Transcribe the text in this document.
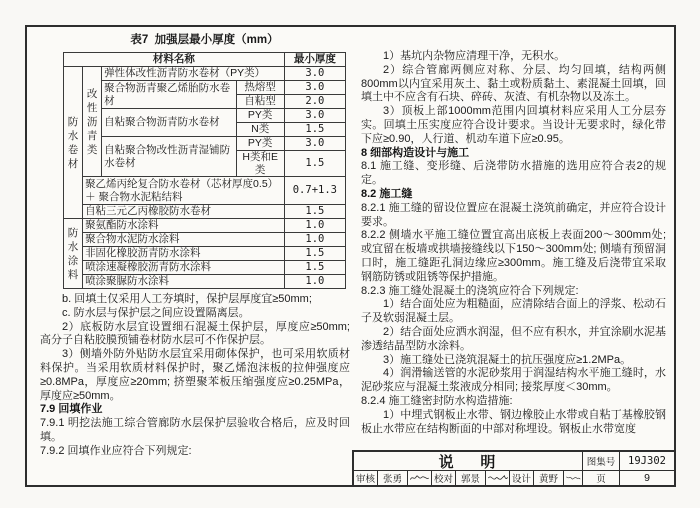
表7  加强层最小厚度（mm）
材料名称				最小厚度
防水卷材	改性沥青类	弹性体改性沥青防水卷材（PY类）		3.0
		聚合物沥青聚乙烯胎防水卷材	热熔型	3.0
			自粘型	2.0
		自粘聚合物沥青防水卷材	PY类	3.0
			N类	1.5
		自粘聚合物改性沥青湿铺防水卷材	PY类	3.0
			H类和E类	1.5
	聚乙烯丙纶复合防水卷材（芯材厚度0.5）＋ 聚合物水泥粘结料			0.7+1.3
	自粘三元乙丙橡胶防水卷材			1.5
防水涂料	聚氨酯防水涂料			1.0
	聚合物水泥防水涂料			1.0
	非固化橡胶沥青防水涂料			1.5
	喷涂速凝橡胶沥青防水涂料			1.5
	喷涂聚脲防水涂料			1.0

b. 回填土仅采用人工夯填时，保护层厚度宜≥50mm;

c. 防水层与保护层之间应设置隔离层。

2）底板防水层宜设置细石混凝土保护层，厚度应≥50mm; 高分子自粘胶膜预铺卷材防水层可不作保护层。

3）侧墙外防外贴防水层宜采用砌体保护，也可采用软质材料保护。当采用软质材料保护时，聚乙烯泡沫板的拉伸强度应≥0.8MPa，厚度应≥20mm; 挤塑聚苯板压缩强度应≥0.25MPa，厚度应≥50mm。

7.9 回填作业

7.9.1 明挖法施工综合管廊防水层保护层验收合格后，应及时回填。

7.9.2 回填作业应符合下列规定:

1）基坑内杂物应清理干净，无积水。

2）综合管廊两侧应对称、分层、均匀回填，结构两侧800mm以内宜采用灰土、黏土或粉质黏土、素混凝土回填，回填土中不应含有石块、碎砖、灰渣、有机杂物以及冻土。

3）顶板上部1000mm范围内回填材料应采用人工分层夯实。回填土压实度应符合设计要求。当设计无要求时，绿化带下应≥0.90，人行道、机动车道下应≥0.95。

8 细部构造设计与施工

8.1 施工缝、变形缝、后浇带防水措施的选用应符合表2的规定。

8.2 施工缝

8.2.1 施工缝的留设位置应在混凝土浇筑前确定，并应符合设计要求。

8.2.2 侧墙水平施工缝位置宜高出底板上表面200～300mm处; 或宜留在板墙或拱墙接缝线以下150～300mm处; 侧墙有预留洞口时，施工缝距孔洞边缘应≥300mm。施工缝及后浇带宜采取钢筋防锈或阻锈等保护措施。

8.2.3 施工缝处混凝土的浇筑应符合下列规定:

1）结合面处应为粗糙面，应清除结合面上的浮浆、松动石子及软弱混凝土层。

2）结合面处应洒水润湿，但不应有积水，并宜涂刷水泥基渗透结晶型防水涂料。

3）施工缝处已浇筑混凝土的抗压强度应≥1.2MPa。

4）润滑输送管的水泥砂浆用于润湿结构水平施工缝时，水泥砂浆应与混凝土浆液成分相同; 接浆厚度＜30mm。

8.2.4 施工缝密封防水构造措施:

1）中埋式钢板止水带、钢边橡胶止水带或自粘丁基橡胶钢板止水带应在结构断面的中部对称埋设。钢板止水带宽度

说    明	图集号	19J302
审核 张勇	校对 郭景	设计 黄野	页	9
